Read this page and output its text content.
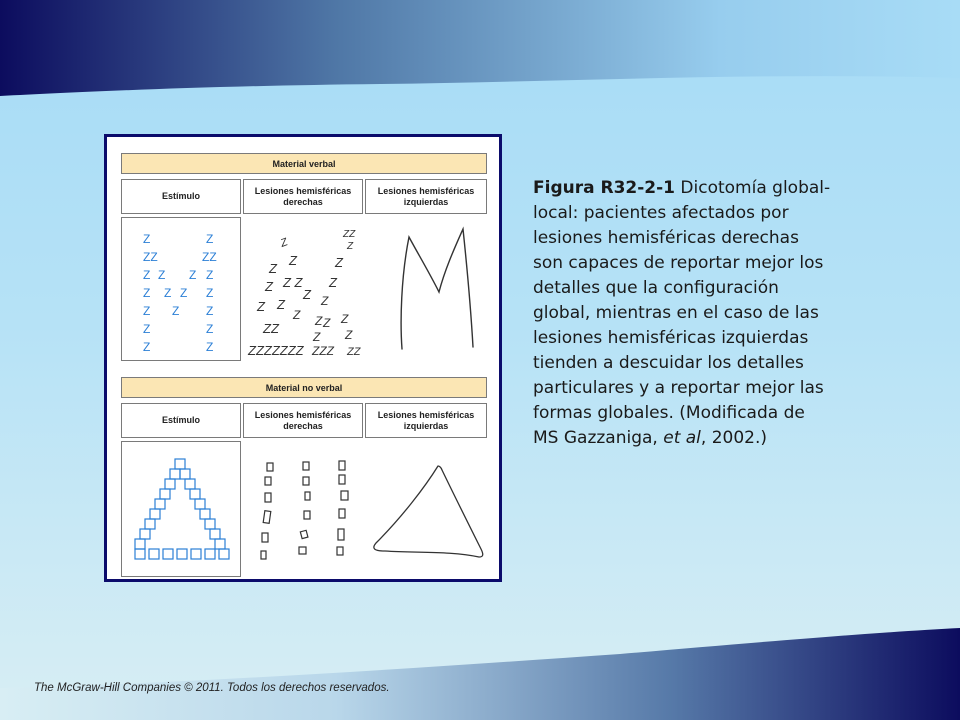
Material verbal
Estímulo
Lesiones hemisféricas
derechas
Lesiones hemisféricas
izquierdas
Material no verbal
Estímulo
Lesiones hemisféricas
derechas
Lesiones hemisféricas
izquierdas
Z	Z
ZZ	ZZ
Z Z Z Z
Z Z Z Z
Z Z Z
Z	Z
Z	Z
Z
ZZ
Z
Z
Z	Z
Z Z Z Z
Z Z
Z Z
Z Z Z
ZZ
Z Z
Z
ZZZZZZZ ZZZ ZZ

Figura R32-2-1 Dicotomía global-local: pacientes afectados por lesiones hemisféricas derechas son capaces de reportar mejor los detalles que la configuración global, mientras en el caso de las lesiones hemisféricas izquierdas tienden a descuidar los detalles particulares y a reportar mejor las formas globales. (Modificada de MS Gazzaniga, et al, 2002.)

The McGraw-Hill Companies © 2011. Todos los derechos reservados.
